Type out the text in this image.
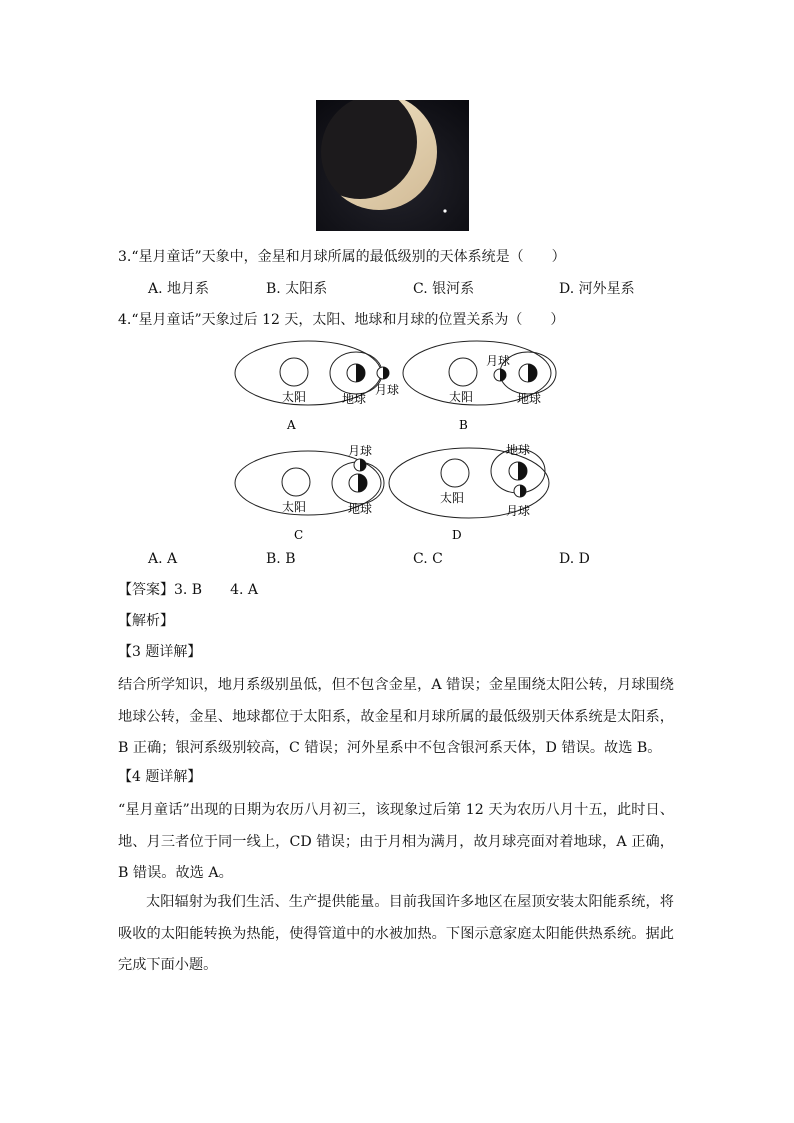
3.“星月童话”天象中，金星和月球所属的最低级别的天体系统是（　　）
A. 地月系	B. 太阳系	C. 银河系	D. 河外星系
4.“星月童话”天象过后 12 天，太阳、地球和月球的位置关系为（　　）
太阳	地球
月球
A
太阳
月球
地球
B
太阳
月球
地球
C
太阳
地球
月球
D
A. A	B. B	C. C	D. D
【答案】3. B　　4. A
【解析】
【3 题详解】
结合所学知识，地月系级别虽低，但不包含金星，A 错误；金星围绕太阳公转，月球围绕地球公转，金星、地球都位于太阳系，故金星和月球所属的最低级别天体系统是太阳系，B 正确；银河系级别较高，C 错误；河外星系中不包含银河系天体，D 错误。故选 B。
【4 题详解】
“星月童话”出现的日期为农历八月初三，该现象过后第 12 天为农历八月十五，此时日、地、月三者位于同一线上，CD 错误；由于月相为满月，故月球亮面对着地球，A 正确，B 错误。故选 A。
太阳辐射为我们生活、生产提供能量。目前我国许多地区在屋顶安装太阳能系统，将吸收的太阳能转换为热能，使得管道中的水被加热。下图示意家庭太阳能供热系统。据此完成下面小题。
